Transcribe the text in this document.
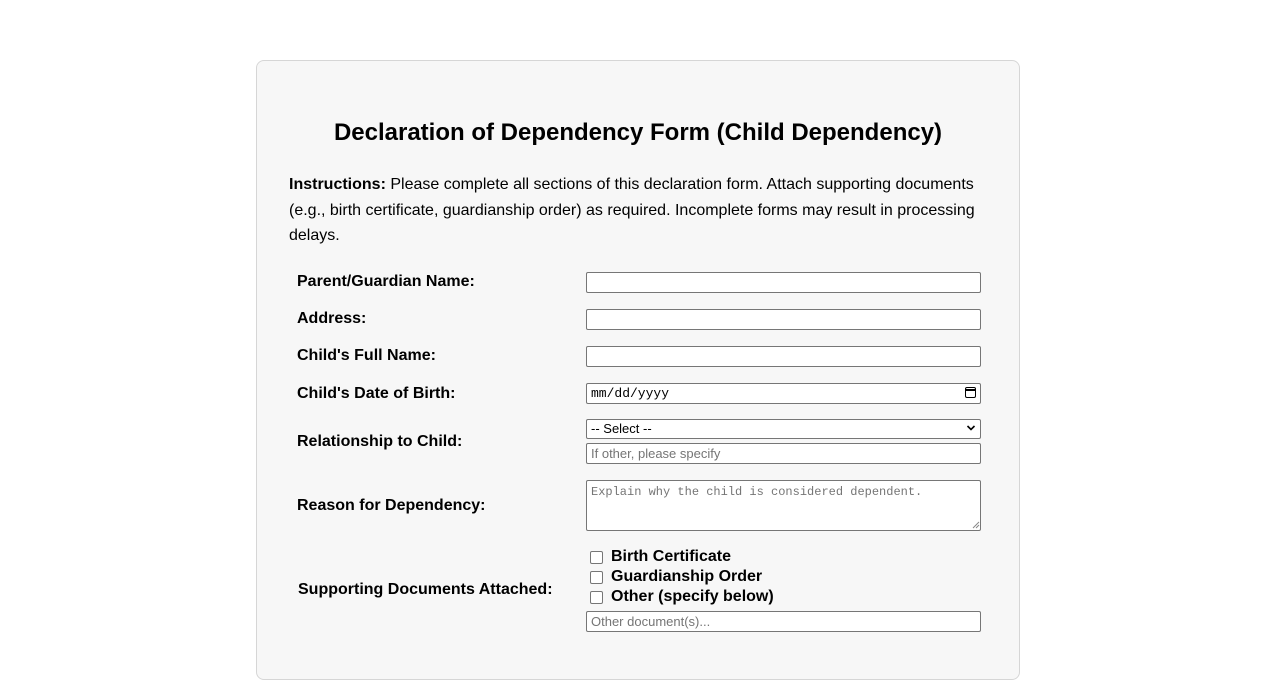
Declaration of Dependency Form (Child Dependency)

Instructions: Please complete all sections of this declaration form. Attach supporting documents (e.g., birth certificate, guardianship order) as required. Incomplete forms may result in processing delays.

Parent/Guardian Name:
Address:
Child's Full Name:
Child's Date of Birth:	mm/dd/yyyy
Relationship to Child:
-- Select --
If other, please specify
Reason for Dependency:
Explain why the child is considered dependent.
Supporting Documents Attached:
Birth Certificate
Guardianship Order
Other (specify below)
Other document(s)...
